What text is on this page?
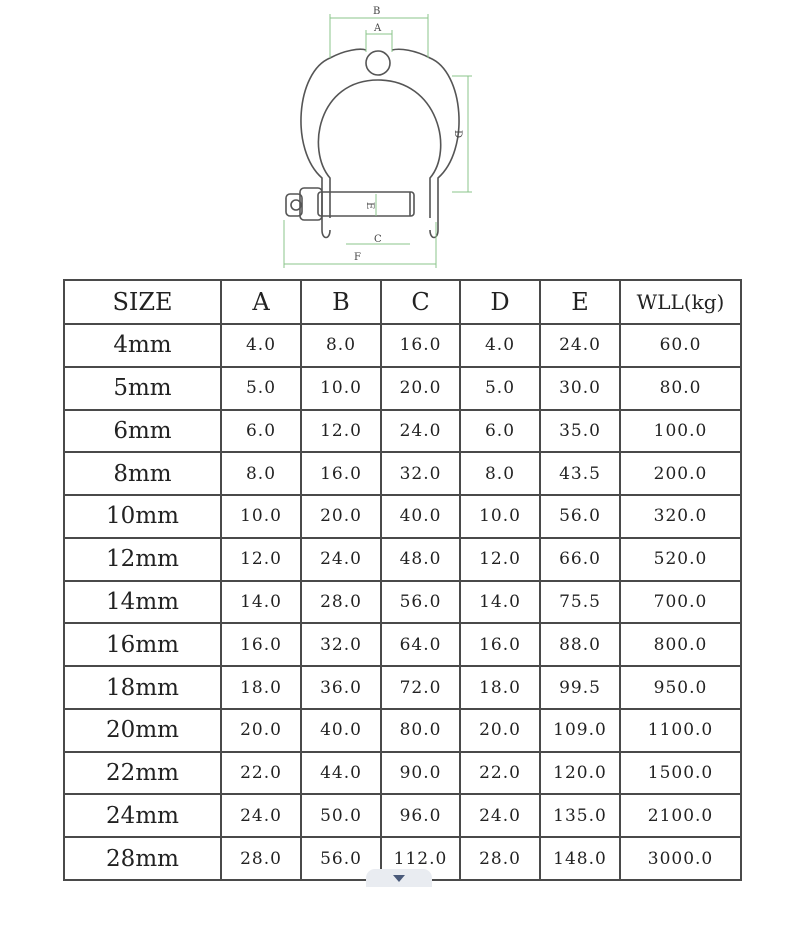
B
A
D
E
C
F
SIZE	A	B	C	D	E	WLL(kg)
4mm	4.0	8.0	16.0	4.0	24.0	60.0
5mm	5.0	10.0	20.0	5.0	30.0	80.0
6mm	6.0	12.0	24.0	6.0	35.0	100.0
8mm	8.0	16.0	32.0	8.0	43.5	200.0
10mm	10.0	20.0	40.0	10.0	56.0	320.0
12mm	12.0	24.0	48.0	12.0	66.0	520.0
14mm	14.0	28.0	56.0	14.0	75.5	700.0
16mm	16.0	32.0	64.0	16.0	88.0	800.0
18mm	18.0	36.0	72.0	18.0	99.5	950.0
20mm	20.0	40.0	80.0	20.0	109.0	1100.0
22mm	22.0	44.0	90.0	22.0	120.0	1500.0
24mm	24.0	50.0	96.0	24.0	135.0	2100.0
28mm	28.0	56.0	112.0	28.0	148.0	3000.0
